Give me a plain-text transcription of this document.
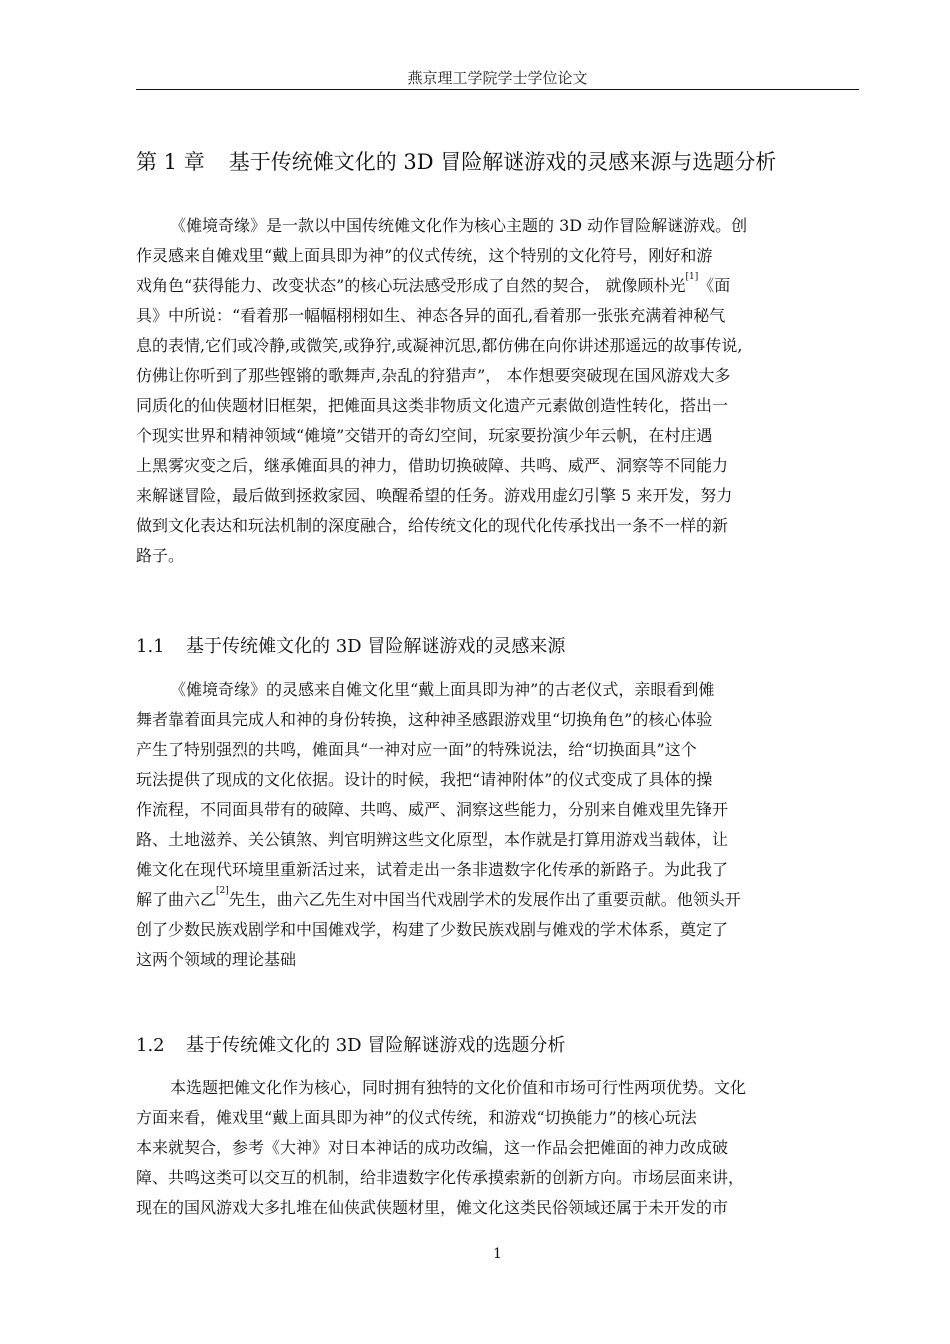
燕京理工学院学士学位论文
第 1 章 基于传统傩文化的 3D 冒险解谜游戏的灵感来源与选题分析

《傩境奇缘》是一款以中国传统傩文化作为核心主题的 3D 动作冒险解谜游戏。创
作灵感来自傩戏里“戴上面具即为神”的仪式传统，这个特别的文化符号，刚好和游
戏角色“获得能力、改变状态”的核心玩法感受形成了自然的契合， 就像顾朴光[1]《面
具》中所说：“看着那一幅幅栩栩如生、神态各异的面孔,看着那一张张充满着神秘气
息的表情,它们或冷静,或微笑,或狰狞,或凝神沉思,都仿佛在向你讲述那遥远的故事传说,
仿佛让你听到了那些铿锵的歌舞声,杂乱的狩猎声”， 本作想要突破现在国风游戏大多
同质化的仙侠题材旧框架，把傩面具这类非物质文化遗产元素做创造性转化，搭出一
个现实世界和精神领域“傩境”交错开的奇幻空间，玩家要扮演少年云帆，在村庄遇
上黑雾灾变之后，继承傩面具的神力，借助切换破障、共鸣、威严、洞察等不同能力
来解谜冒险，最后做到拯救家园、唤醒希望的任务。游戏用虚幻引擎 5 来开发，努力
做到文化表达和玩法机制的深度融合，给传统文化的现代化传承找出一条不一样的新
路子。

1.1 基于传统傩文化的 3D 冒险解谜游戏的灵感来源

《傩境奇缘》的灵感来自傩文化里“戴上面具即为神”的古老仪式，亲眼看到傩
舞者靠着面具完成人和神的身份转换，这种神圣感跟游戏里“切换角色”的核心体验
产生了特别强烈的共鸣，傩面具“一神对应一面”的特殊说法，给“切换面具”这个
玩法提供了现成的文化依据。设计的时候，我把“请神附体”的仪式变成了具体的操
作流程，不同面具带有的破障、共鸣、威严、洞察这些能力，分别来自傩戏里先锋开
路、土地滋养、关公镇煞、判官明辨这些文化原型，本作就是打算用游戏当载体，让
傩文化在现代环境里重新活过来，试着走出一条非遗数字化传承的新路子。为此我了
解了曲六乙[2]先生，曲六乙先生对中国当代戏剧学术的发展作出了重要贡献。他领头开
创了少数民族戏剧学和中国傩戏学，构建了少数民族戏剧与傩戏的学术体系，奠定了
这两个领域的理论基础

1.2 基于传统傩文化的 3D 冒险解谜游戏的选题分析

本选题把傩文化作为核心，同时拥有独特的文化价值和市场可行性两项优势。文化
方面来看，傩戏里“戴上面具即为神”的仪式传统，和游戏“切换能力”的核心玩法
本来就契合，参考《大神》对日本神话的成功改编，这一作品会把傩面的神力改成破
障、共鸣这类可以交互的机制，给非遗数字化传承摸索新的创新方向。市场层面来讲，
现在的国风游戏大多扎堆在仙侠武侠题材里，傩文化这类民俗领域还属于未开发的市

1
